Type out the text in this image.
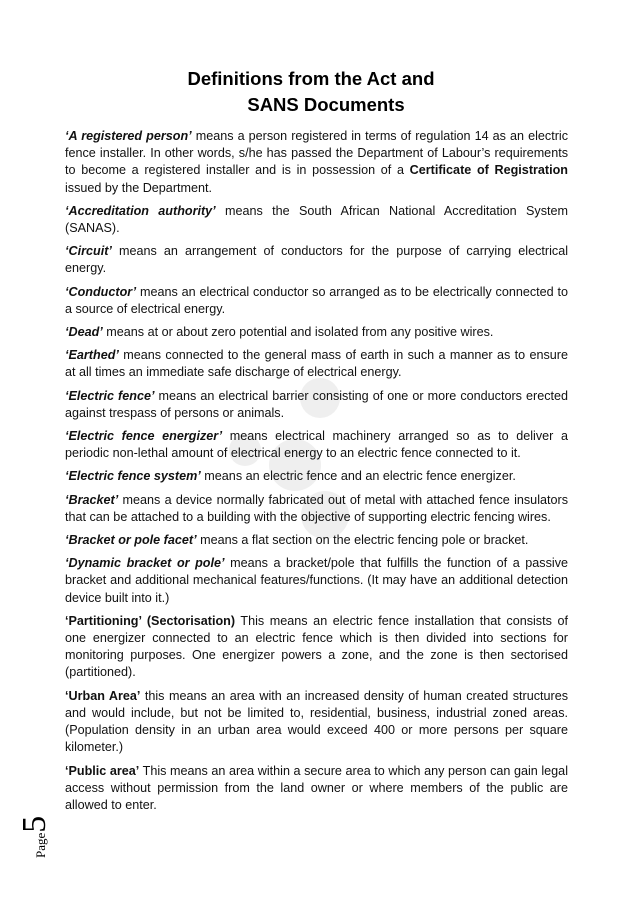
Definitions from the Act and
SANS Documents

‘A registered person’ means a person registered in terms of regulation 14 as an electric fence installer. In other words, s/he has passed the Department of Labour’s requirements to become a registered installer and is in possession of a Certificate of Registration issued by the Department.

‘Accreditation authority’ means the South African National Accreditation System (SANAS).

‘Circuit’ means an arrangement of conductors for the purpose of carrying electrical energy.

‘Conductor’ means an electrical conductor so arranged as to be electrically connected to a source of electrical energy.

‘Dead’ means at or about zero potential and isolated from any positive wires.

‘Earthed’ means connected to the general mass of earth in such a manner as to ensure at all times an immediate safe discharge of electrical energy.

‘Electric fence’ means an electrical barrier consisting of one or more conductors erected against trespass of persons or animals.

‘Electric fence energizer’ means electrical machinery arranged so as to deliver a periodic non-lethal amount of electrical energy to an electric fence connected to it.

‘Electric fence system’ means an electric fence and an electric fence energizer.

‘Bracket’ means a device normally fabricated out of metal with attached fence insulators that can be attached to a building with the objective of supporting electric fencing wires.

‘Bracket or pole facet’ means a flat section on the electric fencing pole or bracket.

‘Dynamic bracket or pole’ means a bracket/pole that fulfills the function of a passive bracket and additional mechanical features/functions. (It may have an additional detection device built into it.)

‘Partitioning’ (Sectorisation) This means an electric fence installation that consists of one energizer connected to an electric fence which is then divided into sections for monitoring purposes. One energizer powers a zone, and the zone is then sectorised (partitioned).

‘Urban Area’ this means an area with an increased density of human created structures and would include, but not be limited to, residential, business, industrial zoned areas. (Population density in an urban area would exceed 400 or more persons per square kilometer.)

‘Public area’ This means an area within a secure area to which any person can gain legal access without permission from the land owner or where members of the public are allowed to enter.

Page5
